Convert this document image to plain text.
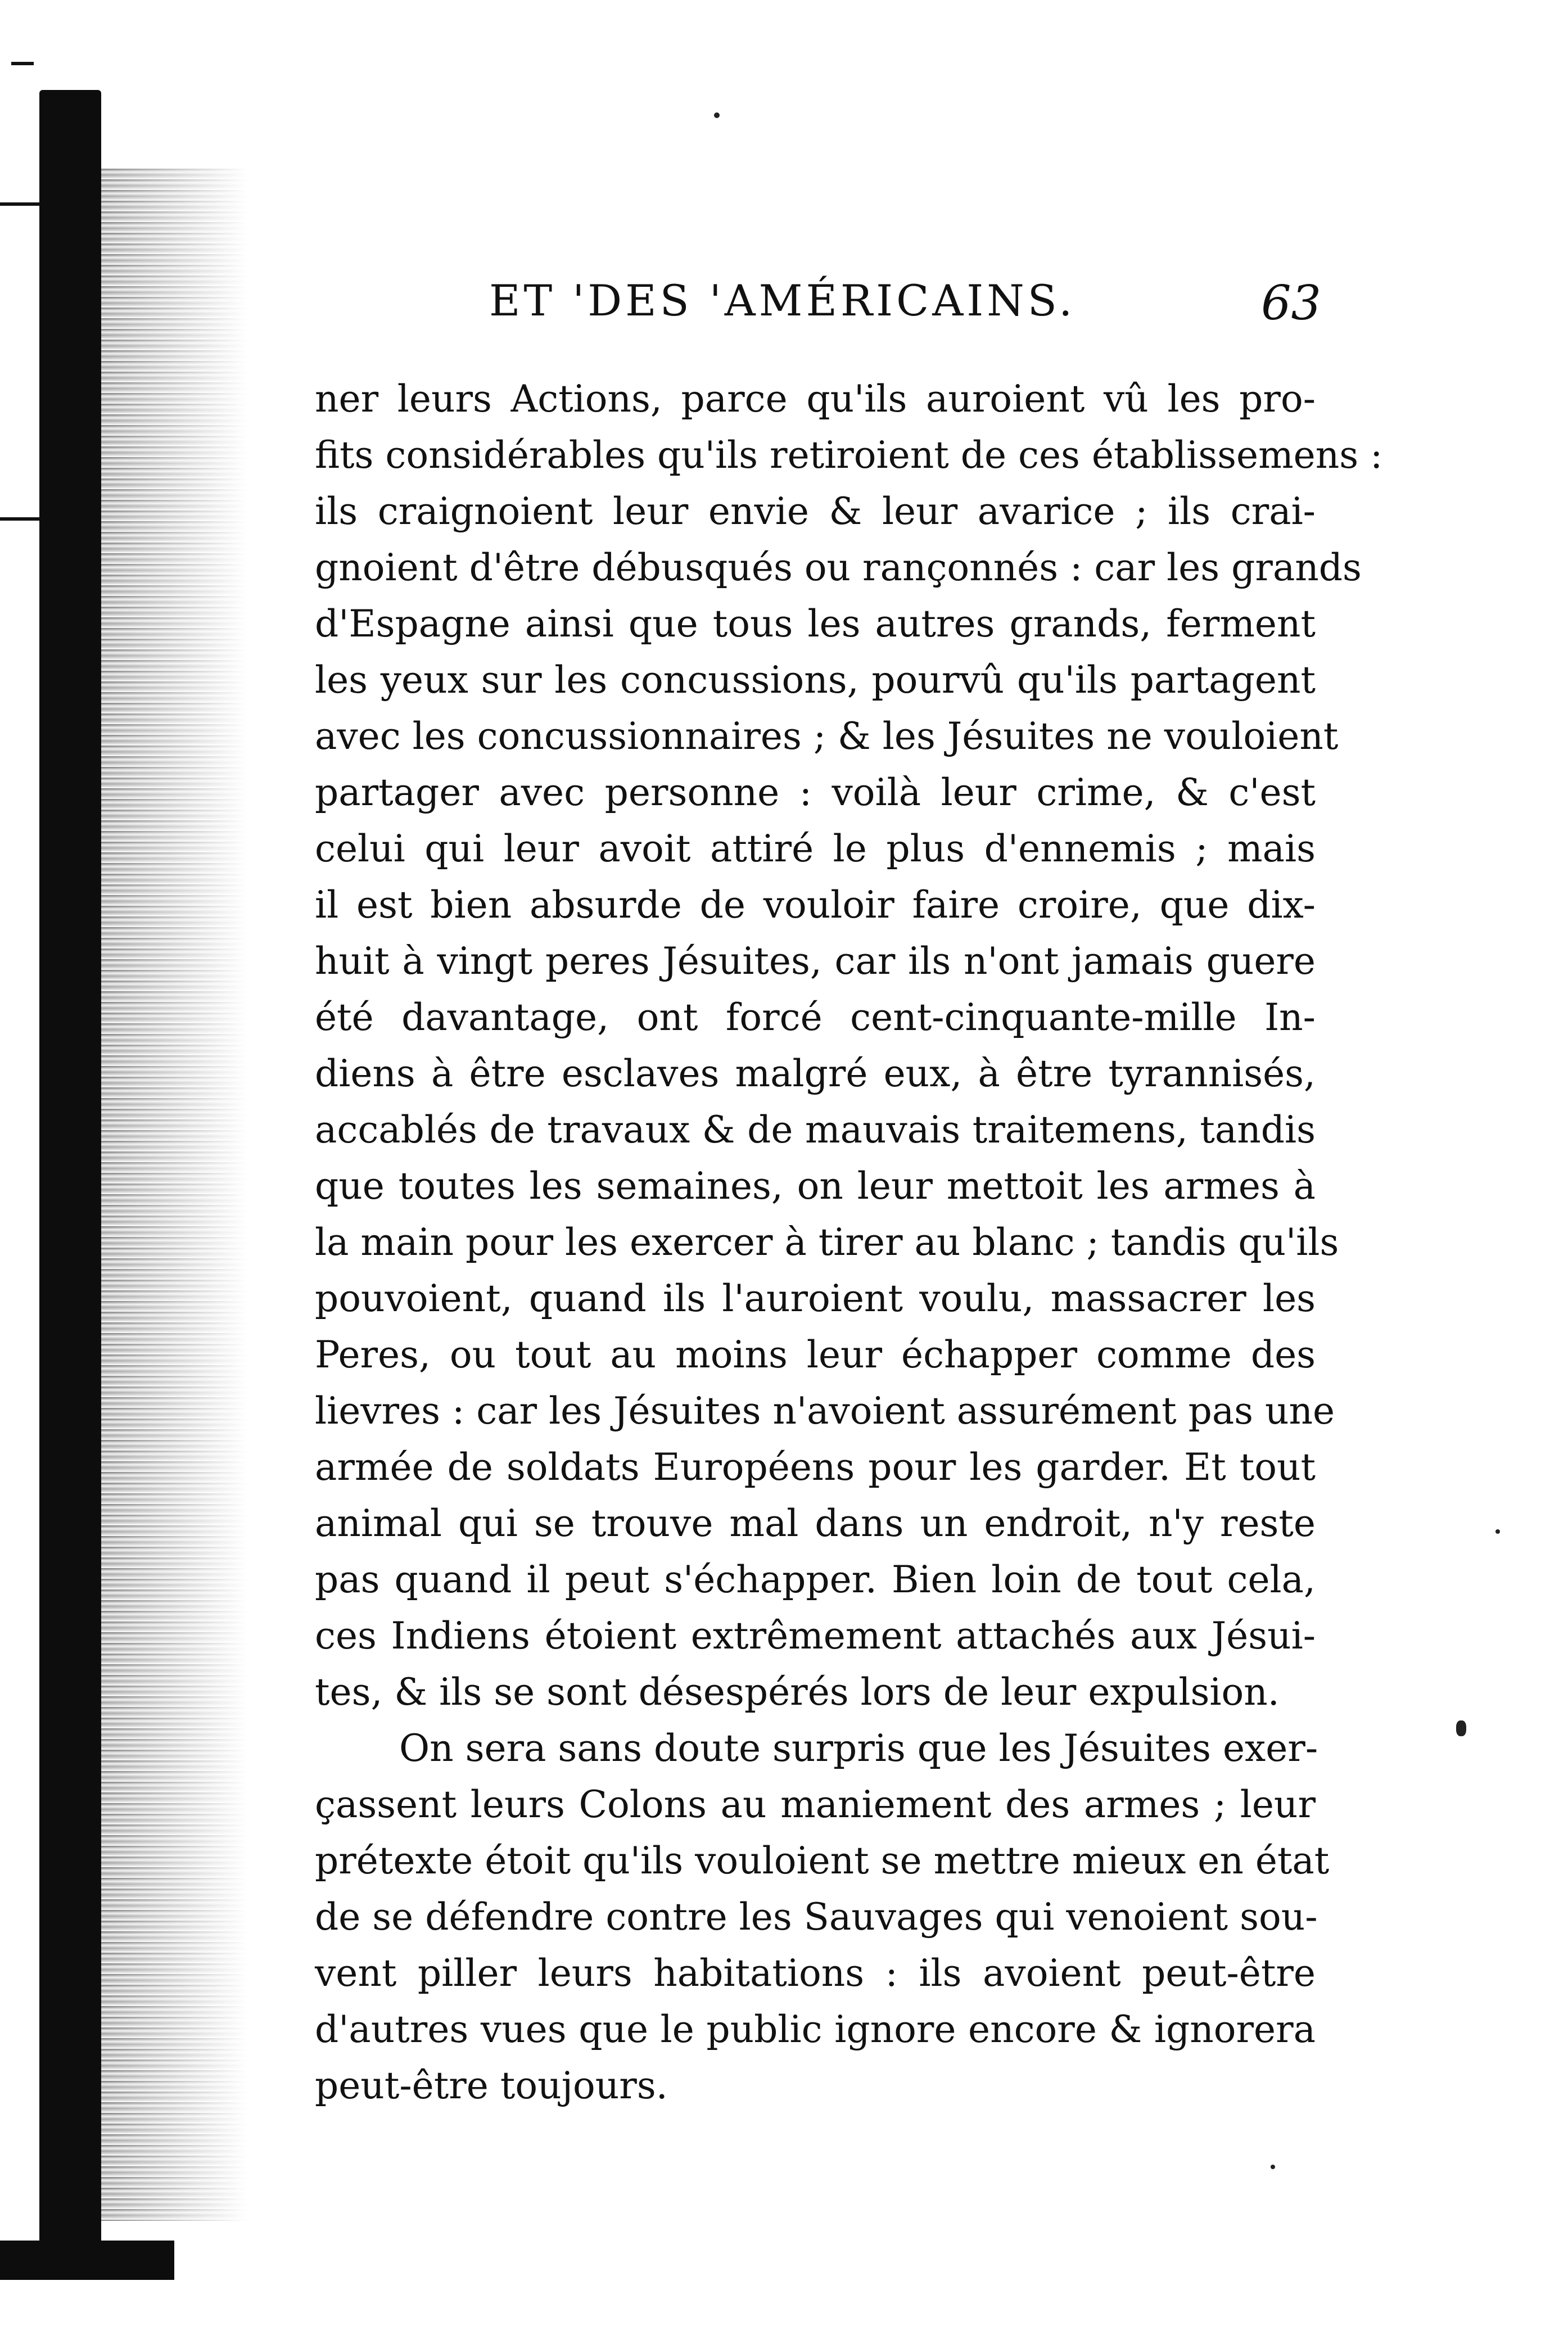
ET 'DES 'AMÉRICAINS.	63
ner leurs Actions, parce qu'ils auroient vû les pro-
fits considérables qu'ils retiroient de ces établissemens :
ils craignoient leur envie & leur avarice ; ils crai-
gnoient d'être débusqués ou rançonnés : car les grands
d'Espagne ainsi que tous les autres grands, ferment
les yeux sur les concussions, pourvû qu'ils partagent
avec les concussionnaires ; & les Jésuites ne vouloient
partager avec personne : voilà leur crime, & c'est
celui qui leur avoit attiré le plus d'ennemis ; mais
il est bien absurde de vouloir faire croire, que dix-
huit à vingt peres Jésuites, car ils n'ont jamais guere
été davantage, ont forcé cent-cinquante-mille In-
diens à être esclaves malgré eux, à être tyrannisés,
accablés de travaux & de mauvais traitemens, tandis
que toutes les semaines, on leur mettoit les armes à
la main pour les exercer à tirer au blanc ; tandis qu'ils
pouvoient, quand ils l'auroient voulu, massacrer les
Peres, ou tout au moins leur échapper comme des
lievres : car les Jésuites n'avoient assurément pas une
armée de soldats Européens pour les garder. Et tout
animal qui se trouve mal dans un endroit, n'y reste
pas quand il peut s'échapper. Bien loin de tout cela,
ces Indiens étoient extrêmement attachés aux Jésui-
tes, & ils se sont désespérés lors de leur expulsion.
On sera sans doute surpris que les Jésuites exer-
çassent leurs Colons au maniement des armes ; leur
prétexte étoit qu'ils vouloient se mettre mieux en état
de se défendre contre les Sauvages qui venoient sou-
vent piller leurs habitations : ils avoient peut-être
d'autres vues que le public ignore encore & ignorera
peut-être toujours.
